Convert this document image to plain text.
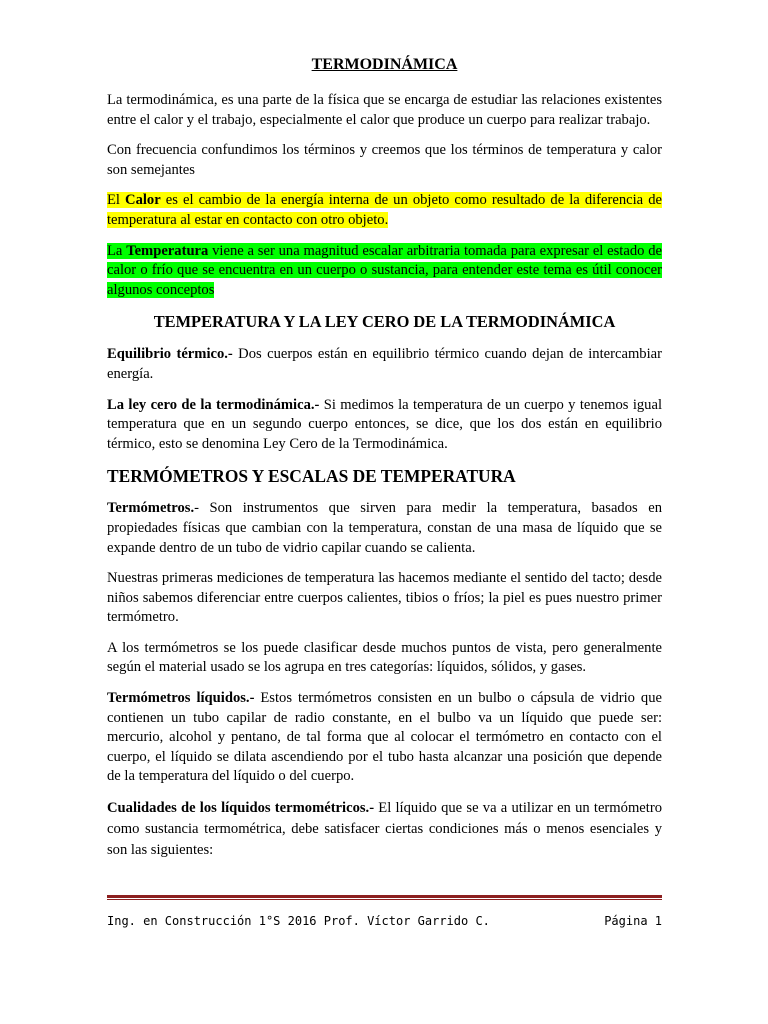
TERMODINÁMICA

La termodinámica, es una parte de la física que se encarga de estudiar las relaciones existentes entre el calor y el trabajo, especialmente el calor que produce un cuerpo para realizar trabajo.

Con frecuencia confundimos los términos y creemos que los términos de temperatura y calor son semejantes

El Calor es el cambio de la energía interna de un objeto como resultado de la diferencia de temperatura al estar en contacto con otro objeto.

La Temperatura viene a ser una magnitud escalar arbitraria tomada para expresar el estado de calor o frío que se encuentra en un cuerpo o sustancia, para entender este tema es útil conocer algunos conceptos

TEMPERATURA Y LA LEY CERO DE LA TERMODINÁMICA

Equilibrio térmico.- Dos cuerpos están en equilibrio térmico cuando dejan de intercambiar energía.

La ley cero de la termodinámica.- Si medimos la temperatura de un cuerpo y tenemos igual temperatura que en un segundo cuerpo entonces, se dice, que los dos están en equilibrio térmico, esto se denomina Ley Cero de la Termodinámica.

TERMÓMETROS Y ESCALAS DE TEMPERATURA

Termómetros.- Son instrumentos que sirven para medir la temperatura, basados en propiedades físicas que cambian con la temperatura, constan de una masa de líquido que se expande dentro de un tubo de vidrio capilar cuando se calienta.

Nuestras primeras mediciones de temperatura las hacemos mediante el sentido del tacto; desde niños sabemos diferenciar entre cuerpos calientes, tibios o fríos; la piel es pues nuestro primer termómetro.

A los termómetros se los puede clasificar desde muchos puntos de vista, pero generalmente según el material usado se los agrupa en tres categorías: líquidos, sólidos, y gases.

Termómetros líquidos.- Estos termómetros consisten en un bulbo o cápsula de vidrio que contienen un tubo capilar de radio constante, en el bulbo va un líquido que puede ser: mercurio, alcohol y pentano, de tal forma que al colocar el termómetro en contacto con el cuerpo, el líquido se dilata ascendiendo por el tubo hasta alcanzar una posición que depende de la temperatura del líquido o del cuerpo.

Cualidades de los líquidos termométricos.- El líquido que se va a utilizar en un termómetro como sustancia termométrica, debe satisfacer ciertas condiciones más o menos esenciales y son las siguientes:

Ing. en Construcción 1°S 2016 Prof. Víctor Garrido C.	Página 1
